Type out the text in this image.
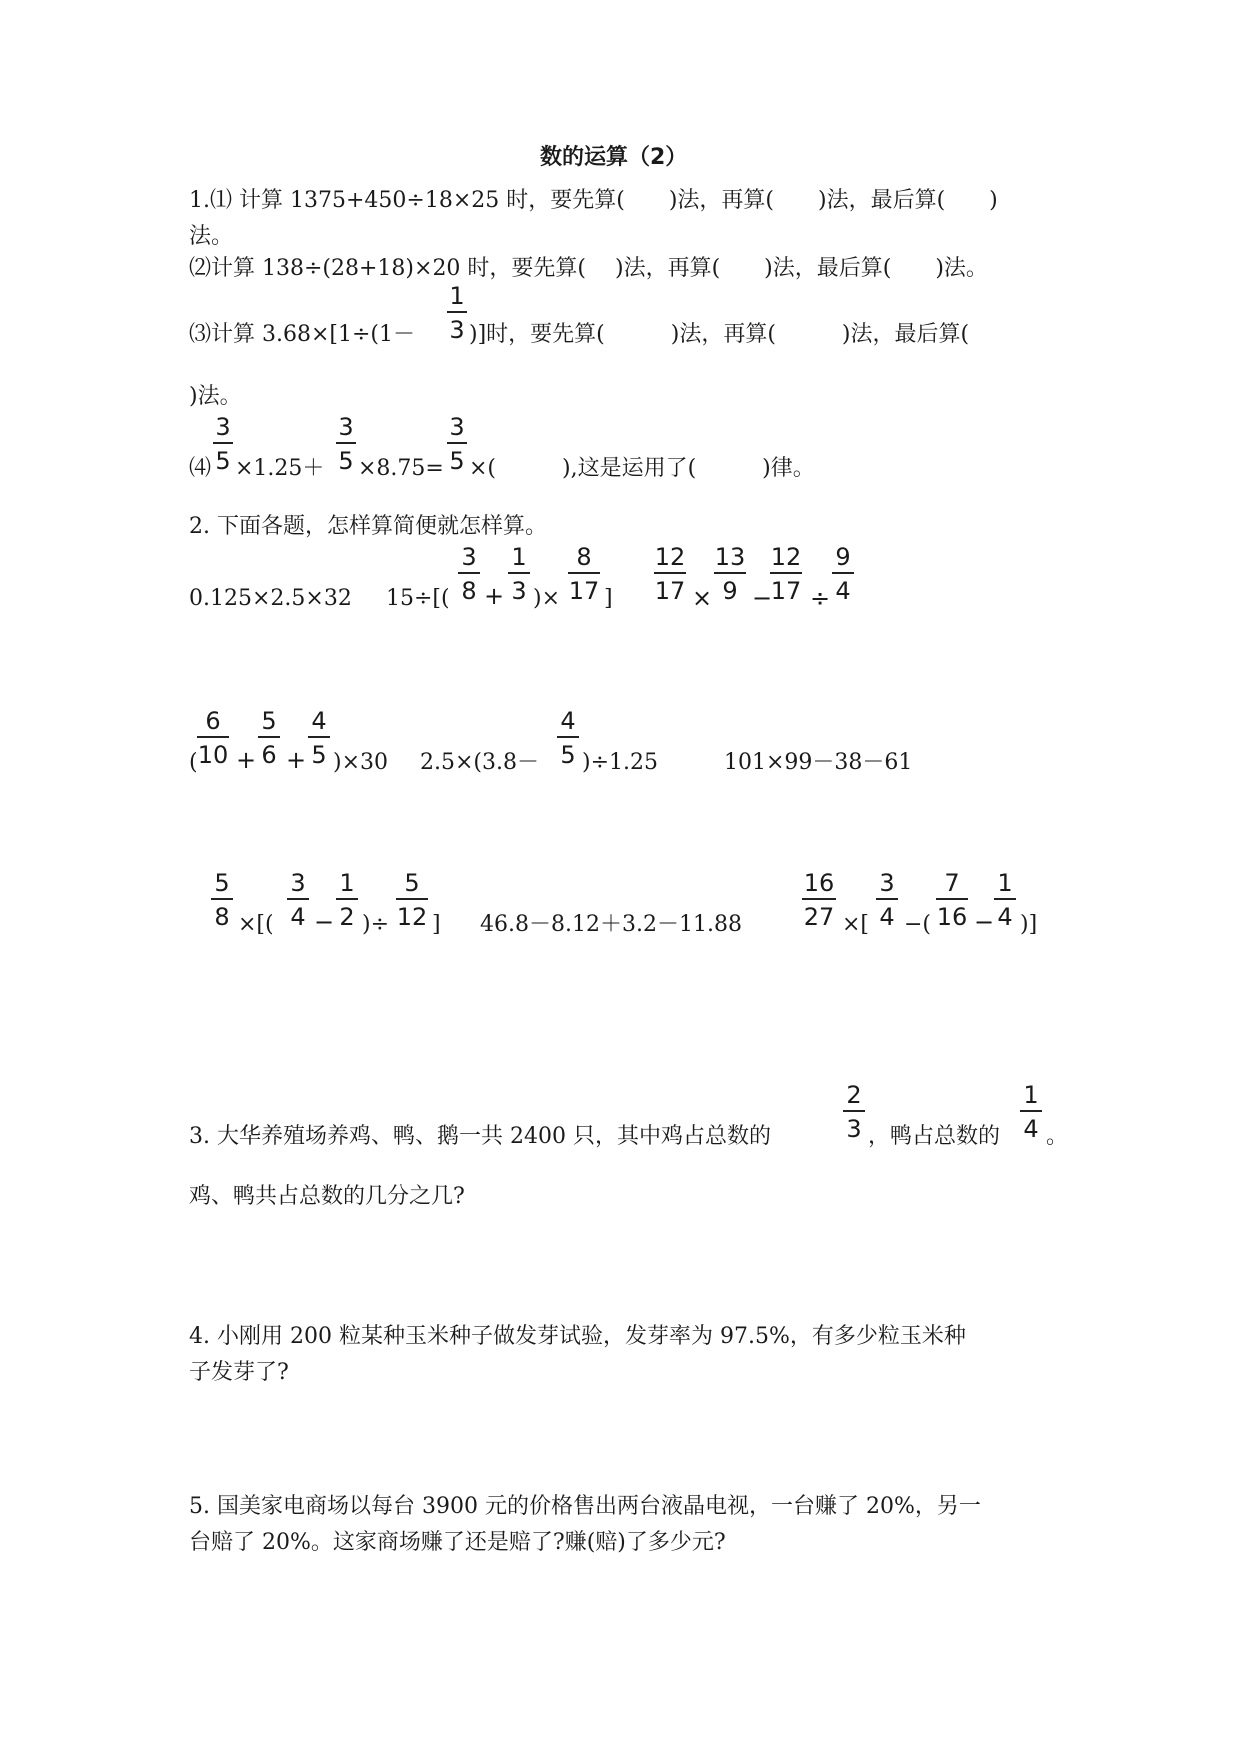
数的运算（2）
1.⑴ 计算 1375+450÷18×25 时，要先算(　　)法，再算(　　)法，最后算(　　)
法。
⑵计算 138÷(28+18)×20 时，要先算(　 )法，再算(　　)法，最后算(　　)法。
⑶计算 3.68×[1÷(1－
1
3 )]时，要先算(　　　)法，再算(　　　)法，最后算(
)法。
⑷
3
5 ×1.25＋
3
5 ×8.75=
3
5 ×(　　　),这是运用了(　　　)律。
2. 下面各题，怎样算简便就怎样算。
0.125×2.5×32 15÷[(
3
8 +
1
3 )×
8
17 ]
12
17 ×
13
9 −
12
17 ÷
9
4
(
6
10 +
5
6 +
4
5 )×30 2.5×(3.8－
4
5 )÷1.25	101×99－38－61
5
8 ×[(
3
4 −
1
2 )÷
5
12 ] 46.8－8.12＋3.2－11.88
16
27 ×[
3
4 −(
7
16 −
1
4 )]
3. 大华养殖场养鸡、鸭、鹅一共 2400 只，其中鸡占总数的
2
3 ，鸭占总数的
1
4 。
鸡、鸭共占总数的几分之几?
4. 小刚用 200 粒某种玉米种子做发芽试验，发芽率为 97.5%，有多少粒玉米种
子发芽了?
5. 国美家电商场以每台 3900 元的价格售出两台液晶电视，一台赚了 20%，另一
台赔了 20%。这家商场赚了还是赔了?赚(赔)了多少元?
